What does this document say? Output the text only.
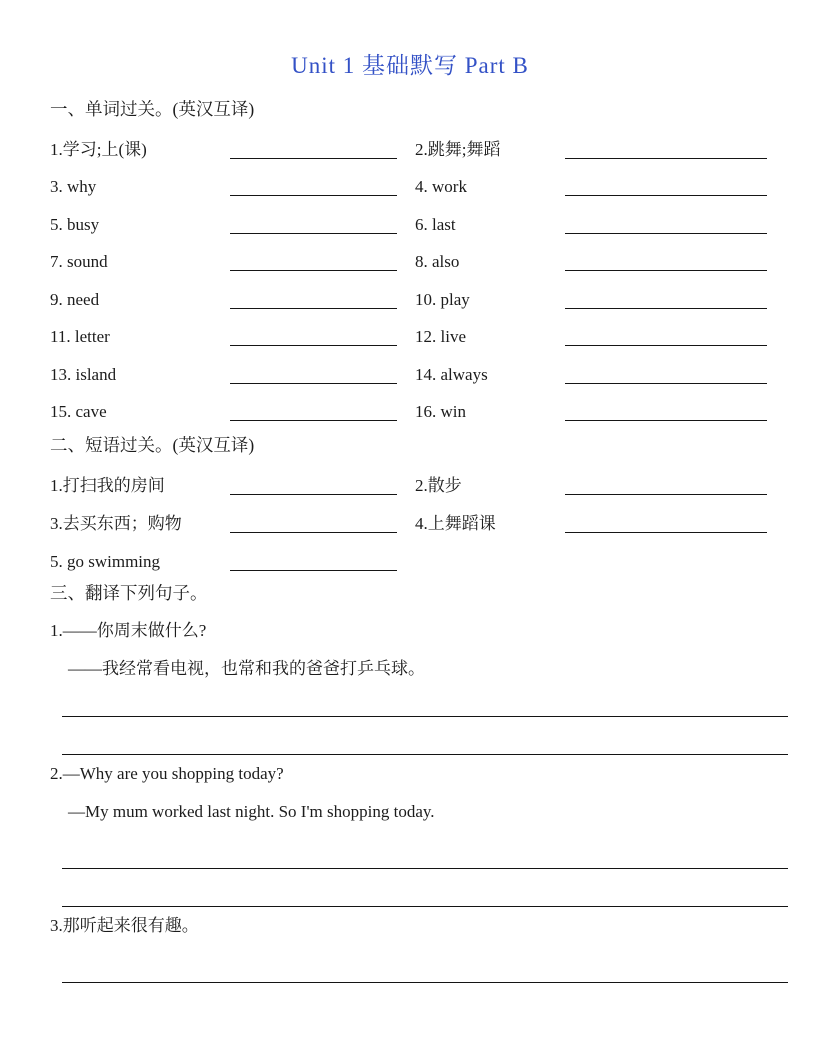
Unit 1 基础默写 Part B
一、单词过关。(英汉互译)
1.学习;上(课)	2.跳舞;舞蹈
3. why	4. work
5. busy	6. last
7. sound	8. also
9. need	10. play
11. letter	12. live
13. island	14. always
15. cave	16. win
二、短语过关。(英汉互译)
1.打扫我的房间	2.散步
3.去买东西；购物	4.上舞蹈课
5. go swimming
三、翻译下列句子。

1.——你周末做什么?

——我经常看电视，也常和我的爸爸打乒乓球。

2.—Why are you shopping today?

—My mum worked last night. So I'm shopping today.

3.那听起来很有趣。
